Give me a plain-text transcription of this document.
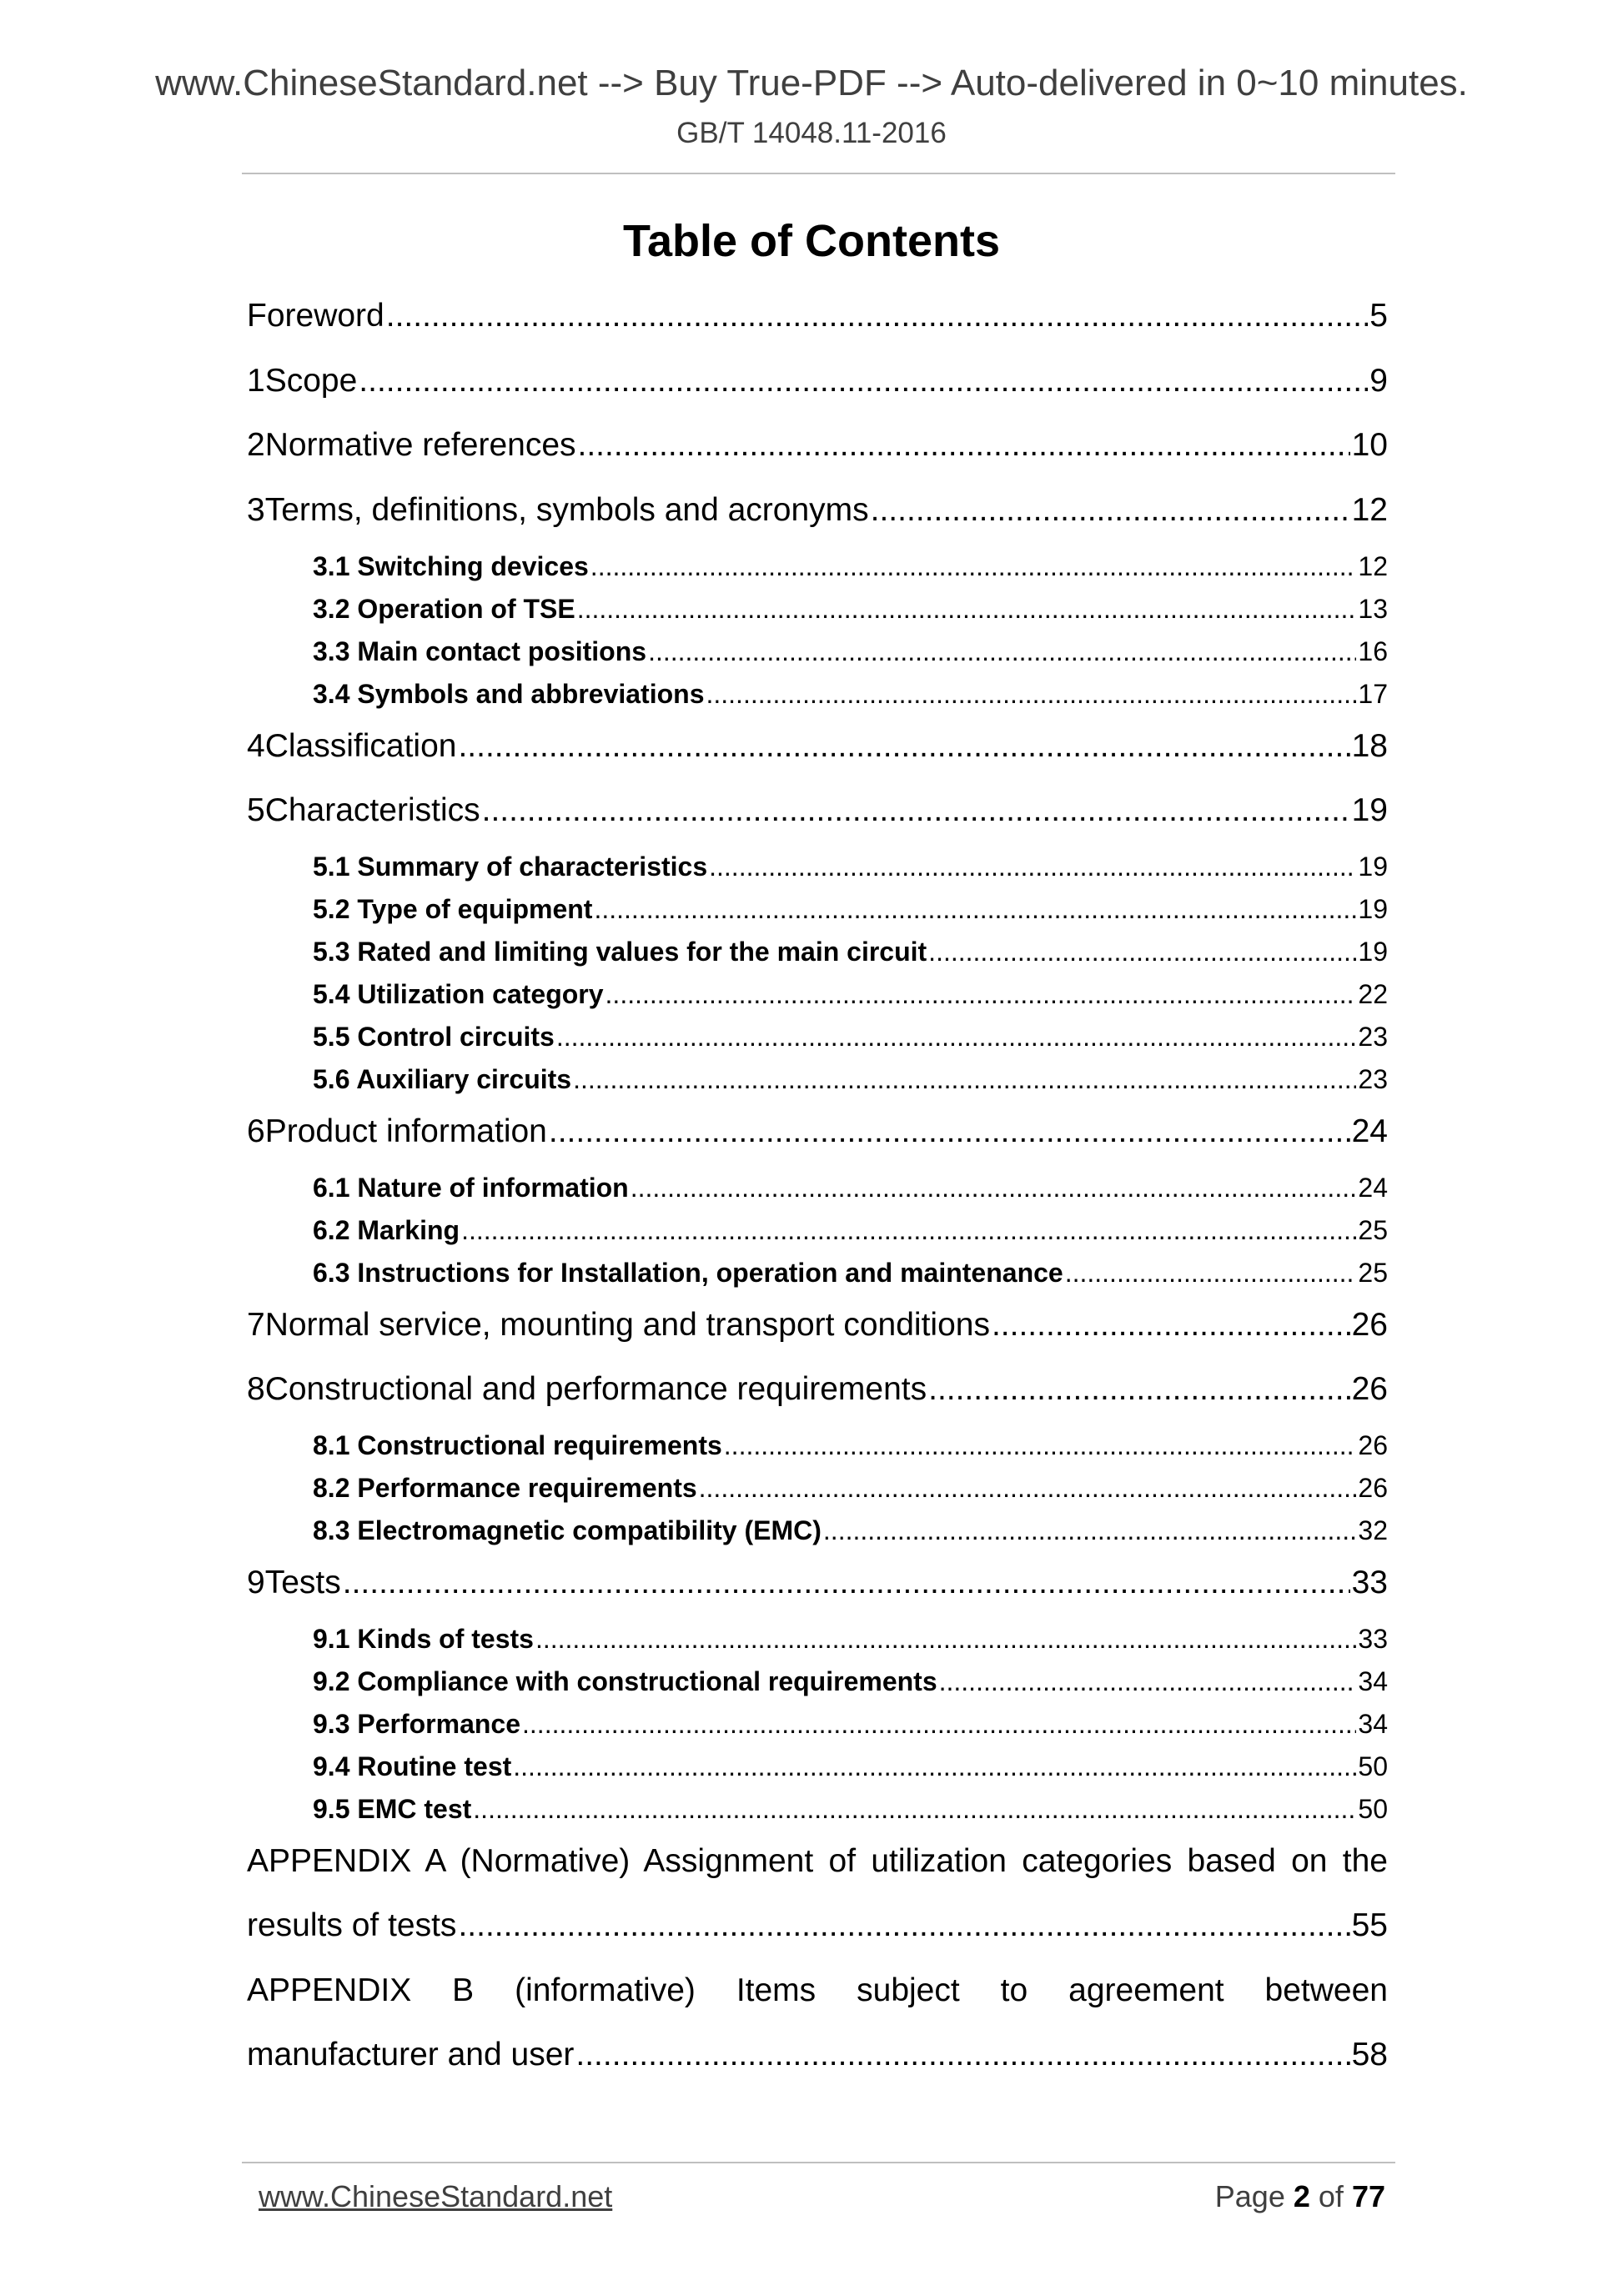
www.ChineseStandard.net --> Buy True-PDF --> Auto-delivered in 0~10 minutes.
GB/T 14048.11-2016
Table of Contents
Foreword .....	5
1 Scope .....	9
2 Normative references .....	10
3 Terms, definitions, symbols and acronyms .....	12
3.1 Switching devices .....	12
3.2 Operation of TSE .....	13
3.3 Main contact positions .....	16
3.4 Symbols and abbreviations .....	17
4 Classification .....	18
5 Characteristics .....	19
5.1 Summary of characteristics .....	19
5.2 Type of equipment .....	19
5.3 Rated and limiting values for the main circuit .....	19
5.4 Utilization category .....	22
5.5 Control circuits .....	23
5.6 Auxiliary circuits .....	23
6 Product information .....	24
6.1 Nature of information .....	24
6.2 Marking .....	25
6.3 Instructions for Installation, operation and maintenance .....	25
7 Normal service, mounting and transport conditions .....	26
8 Constructional and performance requirements .....	26
8.1 Constructional requirements .....	26
8.2 Performance requirements .....	26
8.3 Electromagnetic compatibility (EMC) .....	32
9 Tests .....	33
9.1 Kinds of tests .....	33
9.2 Compliance with constructional requirements .....	34
9.3 Performance .....	34
9.4 Routine test .....	50
9.5 EMC test .....	50
APPENDIX A (Normative) Assignment of utilization categories based on the
results of tests .....	55
APPENDIX B (informative) Items subject to agreement between
manufacturer and user .....	58
www.ChineseStandard.net	Page 2 of 77
